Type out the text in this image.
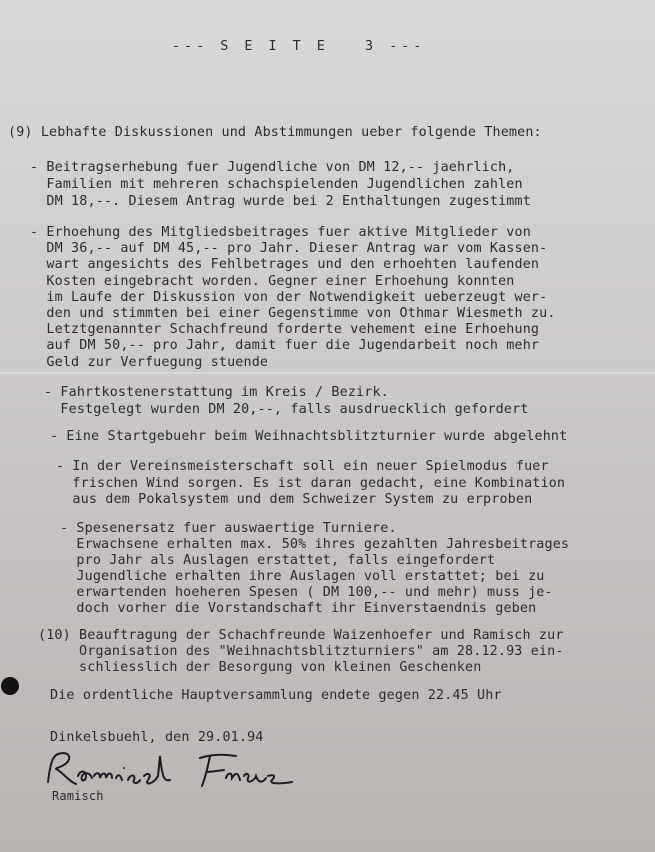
--- S E I T E   3 ---
(9) Lebhafte Diskussionen und Abstimmungen ueber folgende Themen:
- Beitragserhebung fuer Jugendliche von DM 12,-- jaehrlich,
Familien mit mehreren schachspielenden Jugendlichen zahlen
DM 18,--. Diesem Antrag wurde bei 2 Enthaltungen zugestimmt
- Erhoehung des Mitgliedsbeitrages fuer aktive Mitglieder von
DM 36,-- auf DM 45,-- pro Jahr. Dieser Antrag war vom Kassen-
wart angesichts des Fehlbetrages und den erhoehten laufenden
Kosten eingebracht worden. Gegner einer Erhoehung konnten
im Laufe der Diskussion von der Notwendigkeit ueberzeugt wer-
den und stimmten bei einer Gegenstimme von Othmar Wiesmeth zu.
Letztgenannter Schachfreund forderte vehement eine Erhoehung
auf DM 50,-- pro Jahr, damit fuer die Jugendarbeit noch mehr
Geld zur Verfuegung stuende
- Fahrtkostenerstattung im Kreis / Bezirk.
Festgelegt wurden DM 20,--, falls ausdruecklich gefordert
- Eine Startgebuehr beim Weihnachtsblitzturnier wurde abgelehnt
- In der Vereinsmeisterschaft soll ein neuer Spielmodus fuer
frischen Wind sorgen. Es ist daran gedacht, eine Kombination
aus dem Pokalsystem und dem Schweizer System zu erproben
- Spesenersatz fuer auswaertige Turniere.
Erwachsene erhalten max. 50% ihres gezahlten Jahresbeitrages
pro Jahr als Auslagen erstattet, falls eingefordert
Jugendliche erhalten ihre Auslagen voll erstattet; bei zu
erwartenden hoeheren Spesen ( DM 100,-- und mehr) muss je-
doch vorher die Vorstandschaft ihr Einverstaendnis geben
(10) Beauftragung der Schachfreunde Waizenhoefer und Ramisch zur
Organisation des "Weihnachtsblitzturniers" am 28.12.93 ein-
schliesslich der Besorgung von kleinen Geschenken
Die ordentliche Hauptversammlung endete gegen 22.45 Uhr
Dinkelsbuehl, den 29.01.94
Ramisch
